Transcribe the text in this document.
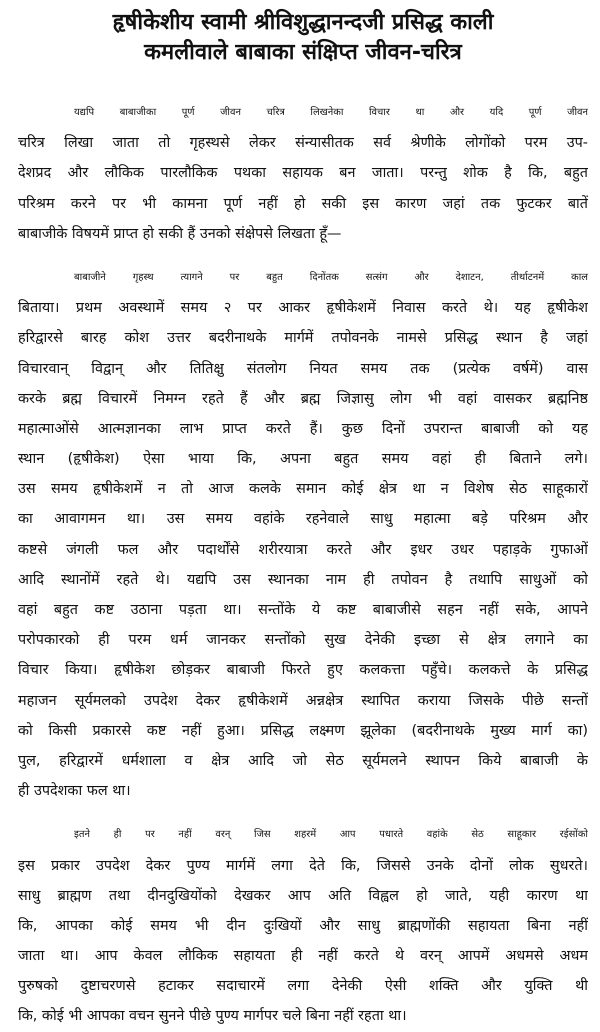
हृषीकेशीय स्वामी श्रीविशुद्धानन्दजी प्रसिद्ध काली
कमलीवाले बाबाका संक्षिप्त जीवन-चरित्र
यद्यपि बाबाजीका पूर्ण जीवन चरित्र लिखनेका विचार था और यदि पूर्ण जीवन
चरित्र लिखा जाता तो गृहस्थसे लेकर संन्यासीतक सर्व श्रेणीके लोगोंको परम उप-
देशप्रद और लौकिक पारलौकिक पथका सहायक बन जाता। परन्तु शोक है कि, बहुत
परिश्रम करने पर भी कामना पूर्ण नहीं हो सकी इस कारण जहां तक फुटकर बातें
बाबाजीके विषयमें प्राप्त हो सकी हैं उनको संक्षेपसे लिखता हूँ—
बाबाजीने गृहस्थ त्यागने पर बहुत दिनोंतक सत्संग और देशाटन, तीर्थाटनमें काल
बिताया। प्रथम अवस्थामें समय २ पर आकर हृषीकेशमें निवास करते थे। यह हृषीकेश
हरिद्वारसे बारह कोश उत्तर बदरीनाथके मार्गमें तपोवनके नामसे प्रसिद्ध स्थान है जहां
विचारवान् विद्वान् और तितिक्षु संतलोग नियत समय तक (प्रत्येक वर्षमें) वास
करके ब्रह्म विचारमें निमग्न रहते हैं और ब्रह्म जिज्ञासु लोग भी वहां वासकर ब्रह्मनिष्ठ
महात्माओंसे आत्मज्ञानका लाभ प्राप्त करते हैं। कुछ दिनों उपरान्त बाबाजी को यह
स्थान (हृषीकेश) ऐसा भाया कि, अपना बहुत समय वहां ही बिताने लगे।
उस समय हृषीकेशमें न तो आज कलके समान कोई क्षेत्र था न विशेष सेठ साहूकारों
का आवागमन था। उस समय वहांके रहनेवाले साधु महात्मा बड़े परिश्रम और
कष्टसे जंगली फल और पदार्थोंसे शरीरयात्रा करते और इधर उधर पहाड़के गुफाओं
आदि स्थानोंमें रहते थे। यद्यपि उस स्थानका नाम ही तपोवन है तथापि साधुओं को
वहां बहुत कष्ट उठाना पड़ता था। सन्तोंके ये कष्ट बाबाजीसे सहन नहीं सके, आपने
परोपकारको ही परम धर्म जानकर सन्तोंको सुख देनेकी इच्छा से क्षेत्र लगाने का
विचार किया। हृषीकेश छोड़कर बाबाजी फिरते हुए कलकत्ता पहुँचे। कलकत्ते के प्रसिद्ध
महाजन सूर्यमलको उपदेश देकर हृषीकेशमें अन्नक्षेत्र स्थापित कराया जिसके पीछे सन्तों
को किसी प्रकारसे कष्ट नहीं हुआ। प्रसिद्ध लक्ष्मण झूलेका (बदरीनाथके मुख्य मार्ग का)
पुल, हरिद्वारमें धर्मशाला व क्षेत्र आदि जो सेठ सूर्यमलने स्थापन किये बाबाजी के
ही उपदेशका फल था।
इतने ही पर नहीं वरन् जिस शहरमें आप पधारते वहांके सेठ साहूकार रईसोंको
इस प्रकार उपदेश देकर पुण्य मार्गमें लगा देते कि, जिससे उनके दोनों लोक सुधरते।
साधु ब्राह्मण तथा दीनदुखियोंको देखकर आप अति विह्वल हो जाते, यही कारण था
कि, आपका कोई समय भी दीन दुःखियों और साधु ब्राह्मणोंकी सहायता बिना नहीं
जाता था। आप केवल लौकिक सहायता ही नहीं करते थे वरन् आपमें अधमसे अधम
पुरुषको दुष्टाचरणसे हटाकर सदाचारमें लगा देनेकी ऐसी शक्ति और युक्ति थी
कि, कोई भी आपका वचन सुनने पीछे पुण्य मार्गपर चले बिना नहीं रहता था।
